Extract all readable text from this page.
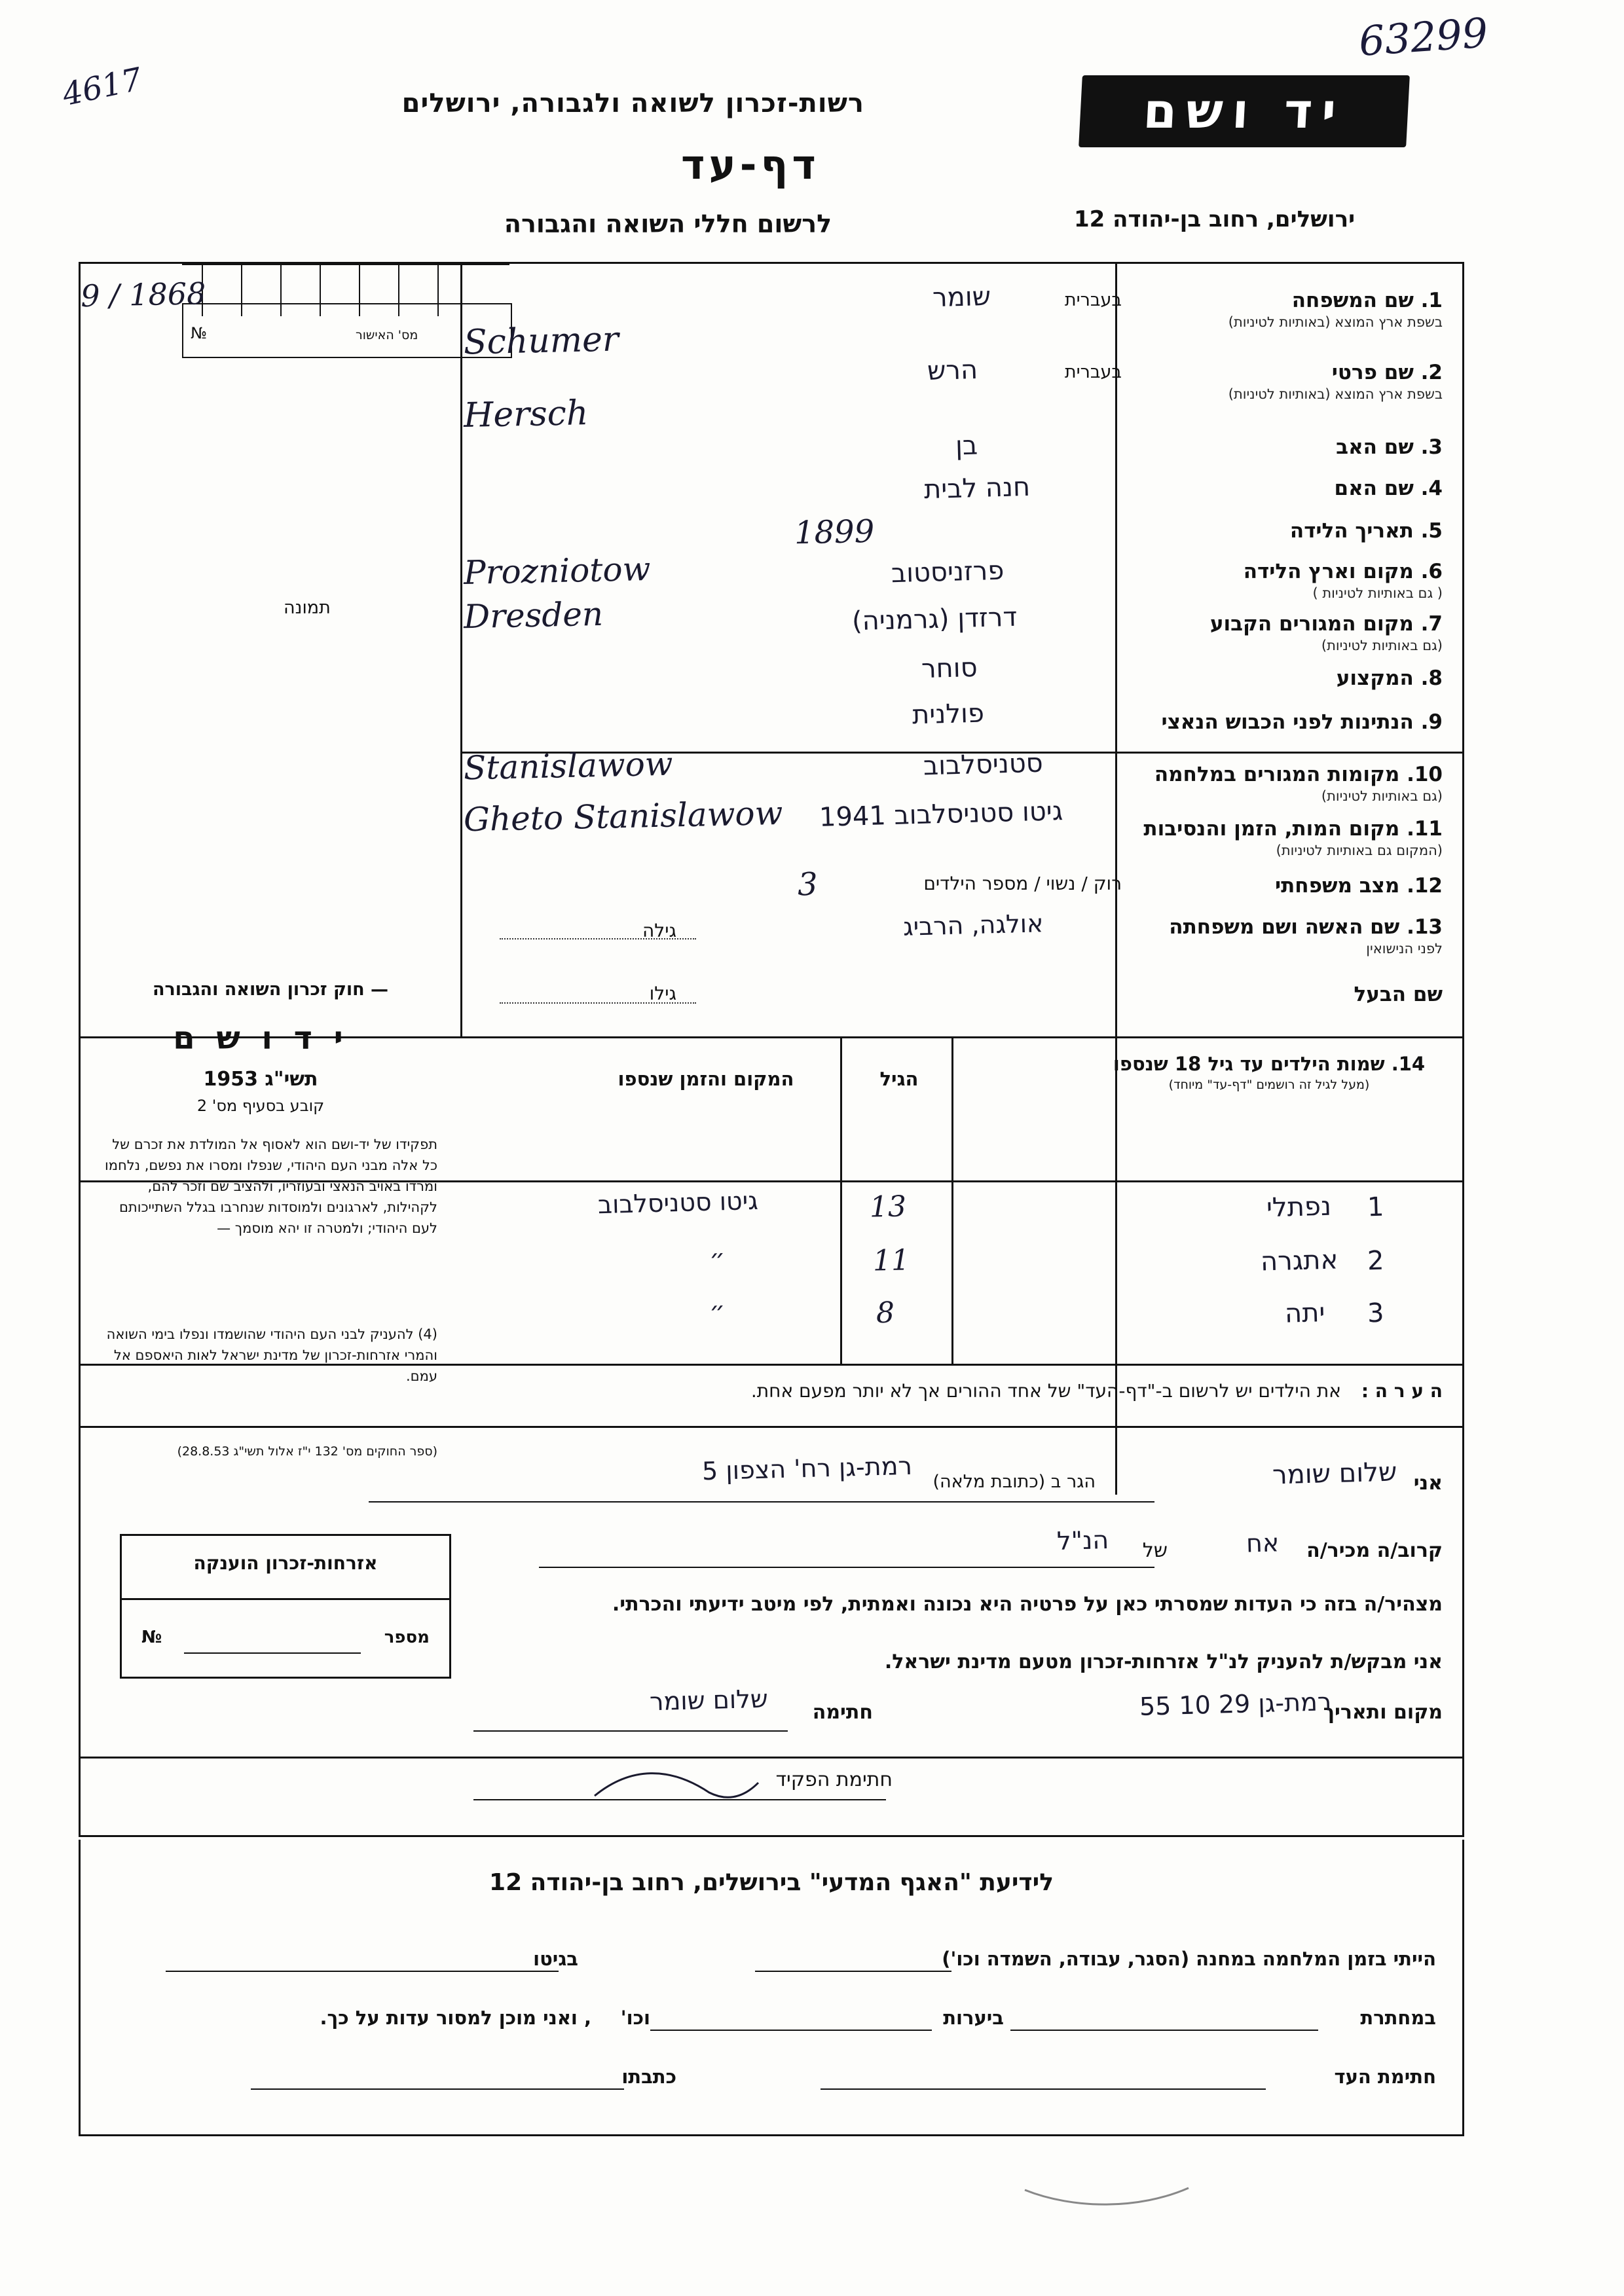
63299
4617	יד ושם
רשות-זכרון לשואה ולגבורה, ירושלים
ירושלים, רחוב בן-יהודה 12
דף-עד
לרשום חללי השואה והגבורה
מס' האישור
№
9 / 1868
תמונה
1. שם המשפחה
בשפת ארץ המוצא (באותיות לטיניות)
2. שם פרטי
בשפת ארץ המוצא (באותיות לטיניות)
3. שם האב
4. שם האם
5. תאריך הלידה
6. מקום וארץ הלידה
( גם באותיות לטיניות )
7. מקום המגורים הקבוע
(גם באותיות לטיניות)
8. המקצוע
9. הנתינות לפני הכבוש הנאצי
10. מקומות המגורים במלחמה
(גם באותיות לטיניות)
11. מקום המות, הזמן והנסיבות
(המקום גם באותיות לטיניות)
12. מצב משפחתי
13. שם האשה ושם משפחתה
לפני הנישואין
שם הבעל
בעברית
בעברית
שומר
Schumer
הרש
Hersch
בן
חנה לבית
1899
פרזניסטוב
Prozniotow
דרזדן (גרמניה)
Dresden
סוחר
פולנית
סטניסלבוב
Stanislawow
גיטו סטניסלבוב 1941
Gheto Stanislawow
רוק / נשוי / מספר הילדים
3
אולגה, הרביג
גילה
גילו
— חוק זכרון השואה והגבורה
י ד ו ש ם
תשי"ג 1953
קובע בסעיף מס' 2
תפקידו של יד-ושם הוא לאסוף אל המולדת את זכרם של כל אלה מבני העם היהודי, שנפלו ומסרו את נפשם, נלחמו ומרדו באויב הנאצי ובעוזריו, ולהציב שם וזכר להם, לקהילות, לארגונים ולמוסדות שנחרבו בגלל השתייכותם לעם היהודי; ולמטרה זו יהא מוסמך —
(4) להעניק לבני העם היהודי שהושמדו ונפלו בימי השואה והמרי אזרחות-זכרון של מדינת ישראל לאות היאספם אל עמם.
(ספר החוקים מס' 132 י"ז אלול תשי"ג 28.8.53)
14. שמות הילדים עד גיל 18 שנספו
(מעל לגיל זה רושמים "דף-עד" מיוחד)
הגיל
המקום והזמן שנספו
1
נפתלי
13
גיטו סטניסלבוב
2
אתגרה
11
״
3
יתה
8
״
ה ע ר ה :
את הילדים יש לרשום ב-"דף-העד" של אחד ההורים אך לא יותר מפעם אחת.
אני
שלום שומר
הגר ב (כתובת מלאה)
רמת-גן רח' הצפון 5
קרוב/ה מכיר/ה
אח
של
הנ"ל
מצהיר/ה בזה כי העדות שמסרתי כאן על פרטיה היא נכונה ואמתית, לפי מיטב ידיעתי והכרתי.
אני מבקש/ת להעניק לנ"ל אזרחות-זכרון מטעם מדינת ישראל.
מקום ותאריך
רמת-גן 29 10 55
חתימה
שלום שומר
חתימת הפקיד
אזרחות-זכרון הוענקה
מספר
№
לידיעת "האגף המדעי" בירושלים, רחוב בן-יהודה 12
הייתי בזמן המלחמה במחנה (הסגר, עבודה, השמדה וכו')
בגיטו
במחתרת
ביערות
וכו'
, ואני מוכן למסור עדות על כך.
חתימת העד
כתבתו
